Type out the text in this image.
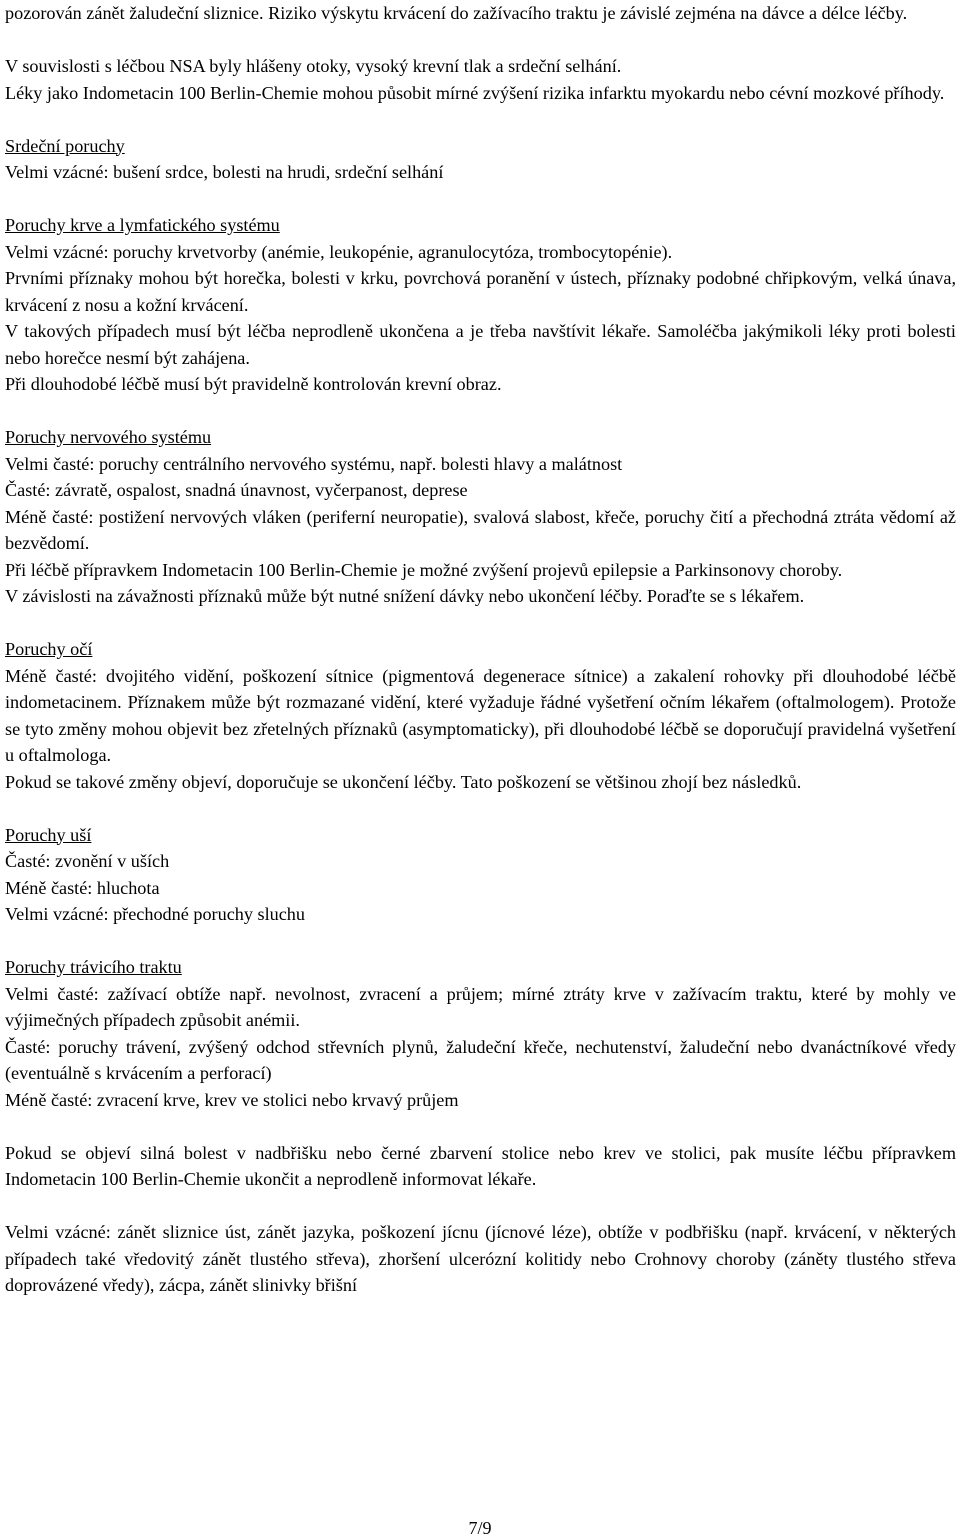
pozorován zánět žaludeční sliznice. Riziko výskytu krvácení do zažívacího traktu je závislé zejména na dávce a délce léčby.

V souvislosti s léčbou NSA byly hlášeny otoky, vysoký krevní tlak a srdeční selhání.

Léky jako Indometacin 100 Berlin-Chemie mohou působit mírné zvýšení rizika infarktu myokardu nebo cévní mozkové příhody.

Srdeční poruchy

Velmi vzácné: bušení srdce, bolesti na hrudi, srdeční selhání

Poruchy krve a lymfatického systému

Velmi vzácné: poruchy krvetvorby (anémie, leukopénie, agranulocytóza, trombocytopénie).

Prvními příznaky mohou být horečka, bolesti v krku, povrchová poranění v ústech, příznaky podobné chřipkovým, velká únava, krvácení z nosu a kožní krvácení.

V takových případech musí být léčba neprodleně ukončena a je třeba navštívit lékaře. Samoléčba jakýmikoli léky proti bolesti nebo horečce nesmí být zahájena.

Při dlouhodobé léčbě musí být pravidelně kontrolován krevní obraz.

Poruchy nervového systému

Velmi časté: poruchy centrálního nervového systému, např. bolesti hlavy a malátnost

Časté: závratě, ospalost, snadná únavnost, vyčerpanost, deprese

Méně časté: postižení nervových vláken (periferní neuropatie), svalová slabost, křeče, poruchy čití a přechodná ztráta vědomí až bezvědomí.

Při léčbě přípravkem Indometacin 100 Berlin-Chemie je možné zvýšení projevů epilepsie a Parkinsonovy choroby.

V závislosti na závažnosti příznaků může být nutné snížení dávky nebo ukončení léčby. Poraďte se s lékařem.

Poruchy očí

Méně časté: dvojitého vidění, poškození sítnice (pigmentová degenerace sítnice) a zakalení rohovky při dlouhodobé léčbě indometacinem. Příznakem může být rozmazané vidění, které vyžaduje řádné vyšetření očním lékařem (oftalmologem). Protože se tyto změny mohou objevit bez zřetelných příznaků (asymptomaticky), při dlouhodobé léčbě se doporučují pravidelná vyšetření u oftalmologa.

Pokud se takové změny objeví, doporučuje se ukončení léčby. Tato poškození se většinou zhojí bez následků.

Poruchy uší

Časté: zvonění v uších

Méně časté: hluchota

Velmi vzácné: přechodné poruchy sluchu

Poruchy trávicího traktu

Velmi časté: zažívací obtíže např. nevolnost, zvracení a průjem; mírné ztráty krve v zažívacím traktu, které by mohly ve výjimečných případech způsobit anémii.

Časté: poruchy trávení, zvýšený odchod střevních plynů, žaludeční křeče, nechutenství, žaludeční nebo dvanáctníkové vředy (eventuálně s krvácením a perforací)

Méně časté: zvracení krve, krev ve stolici nebo krvavý průjem

Pokud se objeví silná bolest v nadbřišku nebo černé zbarvení stolice nebo krev ve stolici, pak musíte léčbu přípravkem Indometacin 100 Berlin-Chemie ukončit a neprodleně informovat lékaře.

Velmi vzácné: zánět sliznice úst, zánět jazyka, poškození jícnu (jícnové léze), obtíže v podbřišku (např. krvácení, v některých případech také vředovitý zánět tlustého střeva), zhoršení ulcerózní kolitidy nebo Crohnovy choroby (záněty tlustého střeva doprovázené vředy), zácpa, zánět slinivky břišní

7/9
